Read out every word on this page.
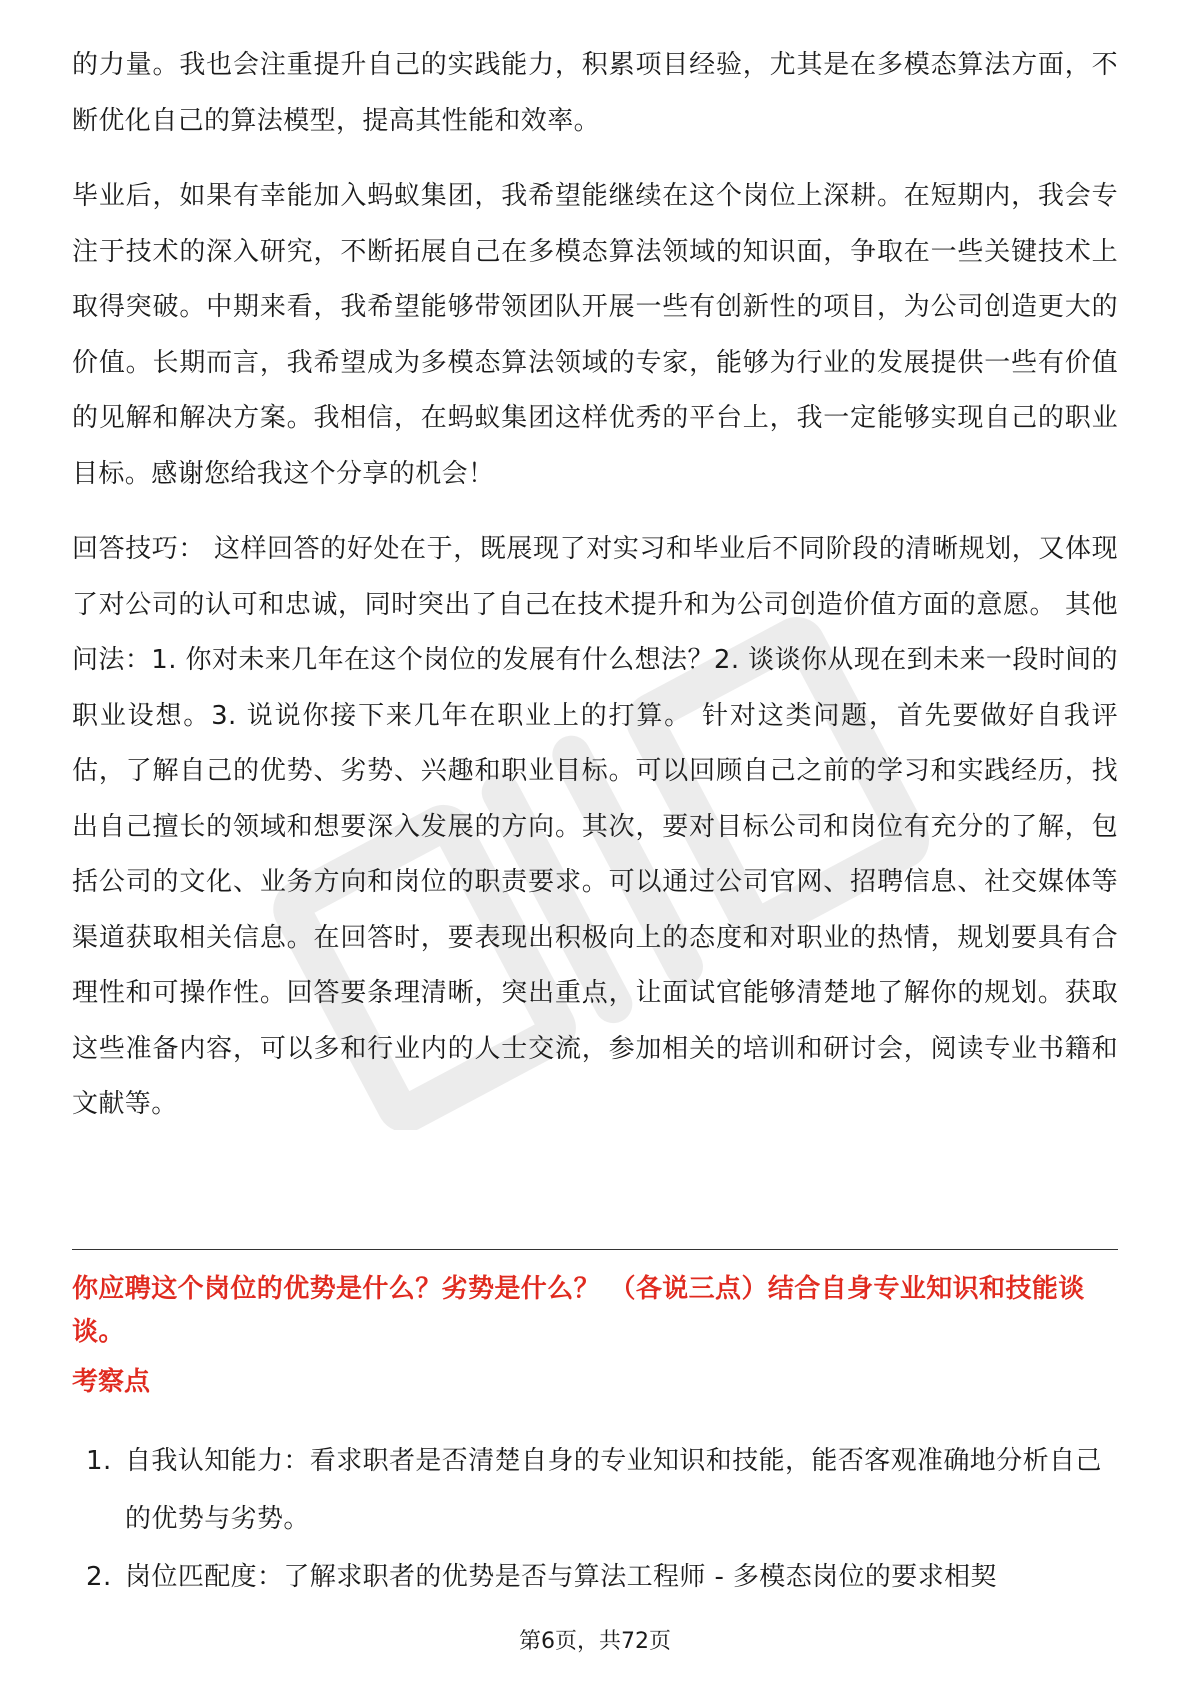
的力量。我也会注重提升自己的实践能力，积累项目经验，尤其是在多模态算法方面，不断优化自己的算法模型，提高其性能和效率。

毕业后，如果有幸能加入蚂蚁集团，我希望能继续在这个岗位上深耕。在短期内，我会专注于技术的深入研究，不断拓展自己在多模态算法领域的知识面，争取在一些关键技术上取得突破。中期来看，我希望能够带领团队开展一些有创新性的项目，为公司创造更大的价值。长期而言，我希望成为多模态算法领域的专家，能够为行业的发展提供一些有价值的见解和解决方案。我相信，在蚂蚁集团这样优秀的平台上，我一定能够实现自己的职业目标。感谢您给我这个分享的机会！

回答技巧： 这样回答的好处在于，既展现了对实习和毕业后不同阶段的清晰规划，又体现了对公司的认可和忠诚，同时突出了自己在技术提升和为公司创造价值方面的意愿。 其他问法：1. 你对未来几年在这个岗位的发展有什么想法？2. 谈谈你从现在到未来一段时间的职业设想。3. 说说你接下来几年在职业上的打算。 针对这类问题，首先要做好自我评估，了解自己的优势、劣势、兴趣和职业目标。可以回顾自己之前的学习和实践经历，找出自己擅长的领域和想要深入发展的方向。其次，要对目标公司和岗位有充分的了解，包括公司的文化、业务方向和岗位的职责要求。可以通过公司官网、招聘信息、社交媒体等渠道获取相关信息。在回答时，要表现出积极向上的态度和对职业的热情，规划要具有合理性和可操作性。回答要条理清晰，突出重点，让面试官能够清楚地了解你的规划。获取这些准备内容，可以多和行业内的人士交流，参加相关的培训和研讨会，阅读专业书籍和文献等。

你应聘这个岗位的优势是什么？劣势是什么？ （各说三点）结合自身专业知识和技能谈谈。
考察点
1. 自我认知能力：看求职者是否清楚自身的专业知识和技能，能否客观准确地分析自己的优势与劣势。
2. 岗位匹配度：了解求职者的优势是否与算法工程师 - 多模态岗位的要求相契
第6页，共72页
